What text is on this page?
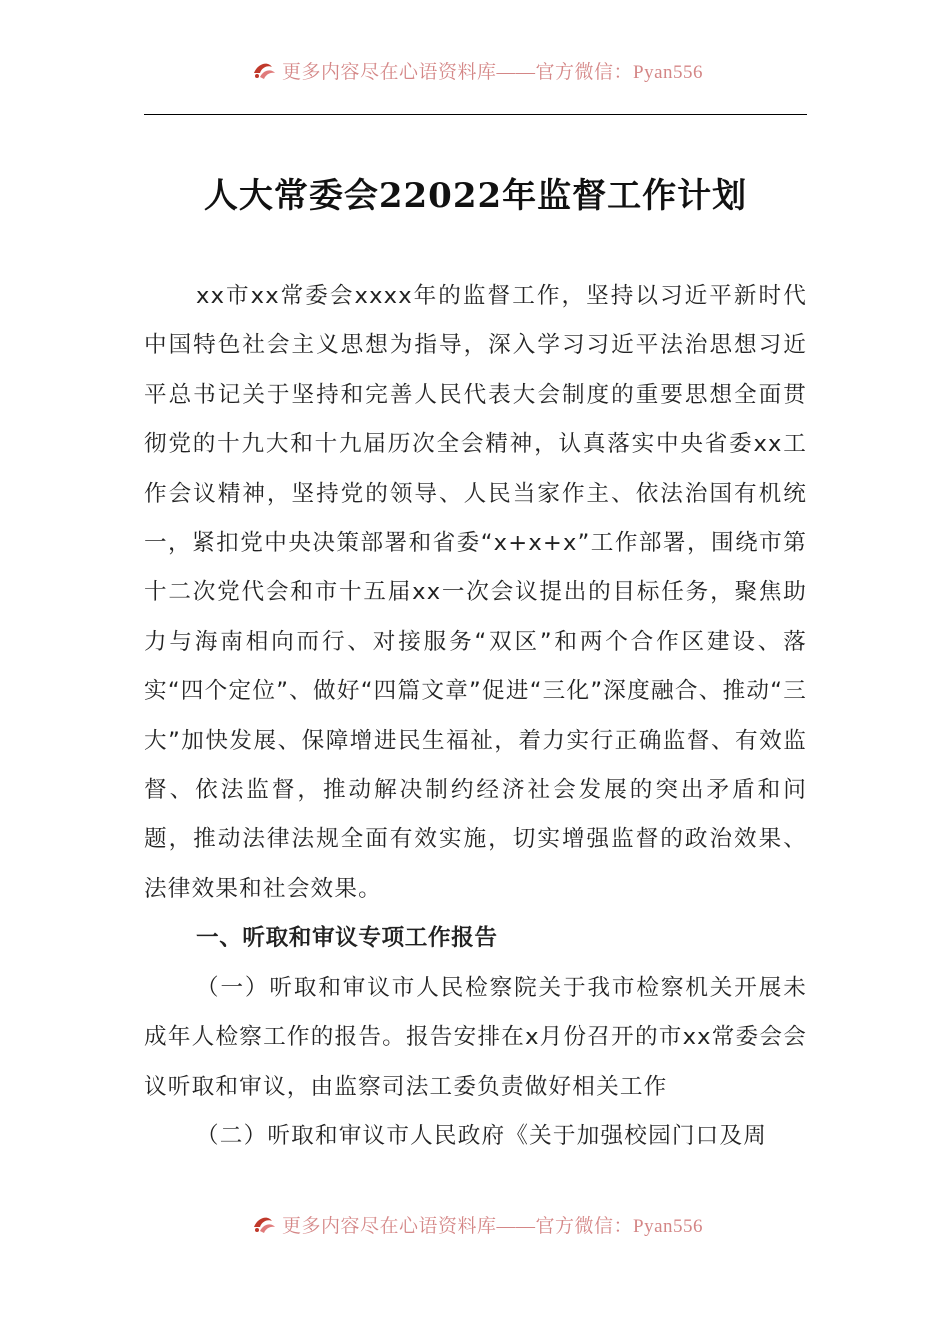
更多内容尽在心语资料库——官方微信：Pyan556
人大常委会22022年监督工作计划

xx市xx常委会xxxx年的监督工作，坚持以习近平新时代中国特色社会主义思想为指导，深入学习习近平法治思想习近平总书记关于坚持和完善人民代表大会制度的重要思想全面贯彻党的十九大和十九届历次全会精神，认真落实中央省委xx工作会议精神，坚持党的领导、人民当家作主、依法治国有机统一，紧扣党中央决策部署和省委“x+x+x”工作部署，围绕市第十二次党代会和市十五届xx一次会议提出的目标任务，聚焦助力与海南相向而行、对接服务“双区”和两个合作区建设、落实“四个定位”、做好“四篇文章”促进“三化”深度融合、推动“三大”加快发展、保障增进民生福祉，着力实行正确监督、有效监督、依法监督，推动解决制约经济社会发展的突出矛盾和问题，推动法律法规全面有效实施，切实增强监督的政治效果、法律效果和社会效果。

一、听取和审议专项工作报告

（一）听取和审议市人民检察院关于我市检察机关开展未成年人检察工作的报告。报告安排在x月份召开的市xx常委会会议听取和审议，由监察司法工委负责做好相关工作

（二）听取和审议市人民政府《关于加强校园门口及周

更多内容尽在心语资料库——官方微信：Pyan556
